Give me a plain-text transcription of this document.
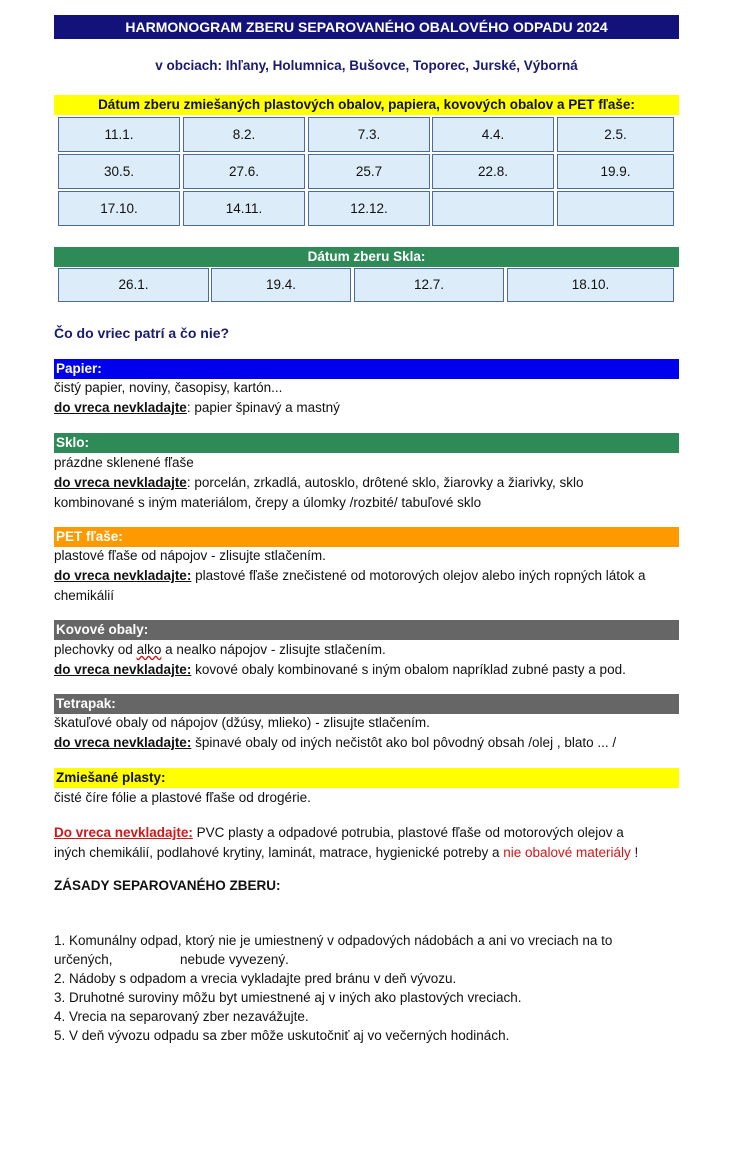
HARMONOGRAM ZBERU SEPAROVANÉHO OBALOVÉHO ODPADU 2024
v obciach: Ihľany, Holumnica, Bušovce, Toporec, Jurské, Výborná
Dátum zberu zmiešaných plastových obalov, papiera, kovových obalov a PET fľaše:
11.1.	8.2.	7.3.	4.4.	2.5.
30.5.	27.6.	25.7	22.8.	19.9.
17.10.	14.11.	12.12.
Dátum zberu Skla:
26.1.	19.4.	12.7.	18.10.
Čo do vriec patrí a čo nie?
Papier:
čistý papier, noviny, časopisy, kartón...
do vreca nevkladajte: papier špinavý a mastný
Sklo:
prázdne sklenené fľaše
do vreca nevkladajte: porcelán, zrkadlá, autosklo, drôtené sklo, žiarovky a žiarivky, sklo
kombinované s iným materiálom, črepy a úlomky /rozbité/ tabuľové sklo
PET fľaše:
plastové fľaše od nápojov - zlisujte stlačením.
do vreca nevkladajte: plastové fľaše znečistené od motorových olejov alebo iných ropných látok a
chemikálií
Kovové obaly:
plechovky od alko a nealko nápojov - zlisujte stlačením.
do vreca nevkladajte: kovové obaly kombinované s iným obalom napríklad zubné pasty a pod.
Tetrapak:
škatuľové obaly od nápojov (džúsy, mlieko) - zlisujte stlačením.
do vreca nevkladajte: špinavé obaly od iných nečistôt ako bol pôvodný obsah /olej , blato ... /
Zmiešané plasty:
čisté číre fólie a plastové fľaše od drogérie.
Do vreca nevkladajte: PVC plasty a odpadové potrubia, plastové fľaše od motorových olejov a
iných chemikálií, podlahové krytiny, laminát, matrace, hygienické potreby a nie obalové materiály !
ZÁSADY SEPAROVANÉHO ZBERU:
1. Komunálny odpad, ktorý nie je umiestnený v odpadových nádobách a ani vo vreciach na to
určených,                  nebude vyvezený.
2. Nádoby s odpadom a vrecia vykladajte pred bránu v deň vývozu.
3. Druhotné suroviny môžu byt umiestnené aj v iných ako plastových vreciach.
4. Vrecia na separovaný zber nezavážujte.
5. V deň vývozu odpadu sa zber môže uskutočniť aj vo večerných hodinách.
